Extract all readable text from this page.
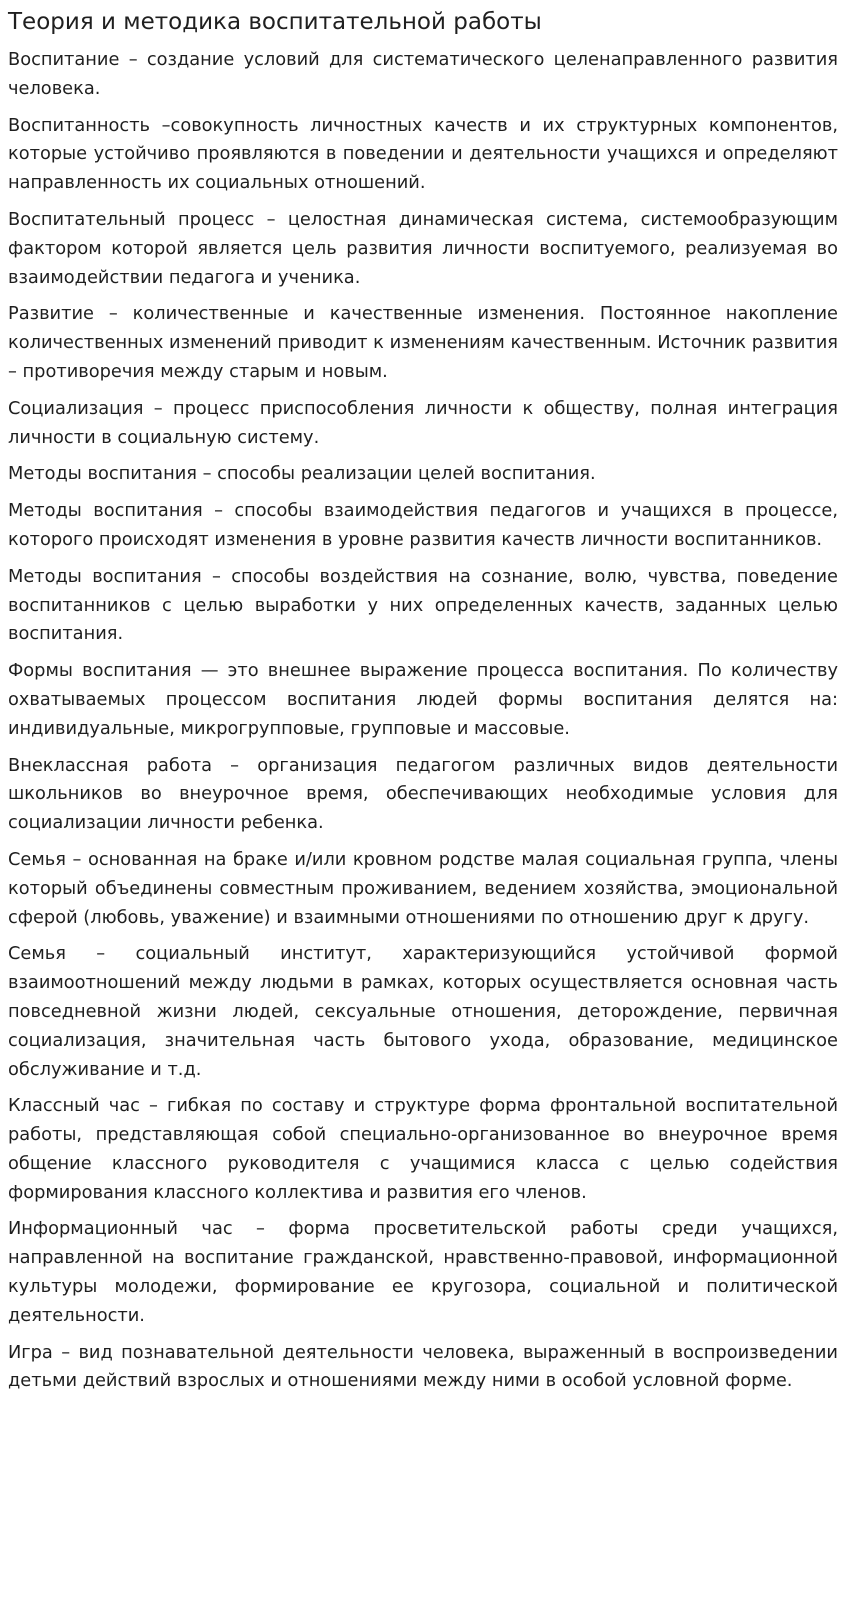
Теория и методика воспитательной работы

Воспитание – создание условий для систематического целенаправленного развития человека.

Воспитанность –совокупность личностных качеств и их структурных компонентов, которые устойчиво проявляются в поведении и деятельности учащихся и определяют направленность их социальных отношений.

Воспитательный процесс – целостная динамическая система, системообразующим фактором которой является цель развития личности воспитуемого, реализуемая во взаимодействии педагога и ученика.

Развитие – количественные и качественные изменения. Постоянное накопление количественных изменений приводит к изменениям качественным. Источник развития – противоречия между старым и новым.

Социализация – процесс приспособления личности к обществу, полная интеграция личности в социальную систему.

Методы воспитания – способы реализации целей воспитания.

Методы воспитания – способы взаимодействия педагогов и учащихся в процессе, которого происходят изменения в уровне развития качеств личности воспитанников.

Методы воспитания – способы воздействия на сознание, волю, чувства, поведение воспитанников с целью выработки у них определенных качеств, заданных целью воспитания.

Формы воспитания — это внешнее выражение процесса воспитания. По количеству охватываемых процессом воспитания людей формы воспитания делятся на: индивидуальные, микрогрупповые, групповые и массовые.

Внеклассная работа – организация педагогом различных видов деятельности школьников во внеурочное время, обеспечивающих необходимые условия для социализации личности ребенка.

Семья – основанная на браке и/или кровном родстве малая социальная группа, члены который объединены совместным проживанием, ведением хозяйства, эмоциональной сферой (любовь, уважение) и взаимными отношениями по отношению друг к другу.

Семья – социальный институт, характеризующийся устойчивой формой взаимоотношений между людьми в рамках, которых осуществляется основная часть повседневной жизни людей, сексуальные отношения, деторождение, первичная социализация, значительная часть бытового ухода, образование, медицинское обслуживание и т.д.

Классный час – гибкая по составу и структуре форма фронтальной воспитательной работы, представляющая собой специально-организованное во внеурочное время общение классного руководителя с учащимися класса с целью содействия формирования классного коллектива и развития его членов.

Информационный час – форма просветительской работы среди учащихся, направленной на воспитание гражданской, нравственно-правовой, информационной культуры молодежи, формирование ее кругозора, социальной и политической деятельности.

Игра – вид познавательной деятельности человека, выраженный в воспроизведении детьми действий взрослых и отношениями между ними в особой условной форме.
